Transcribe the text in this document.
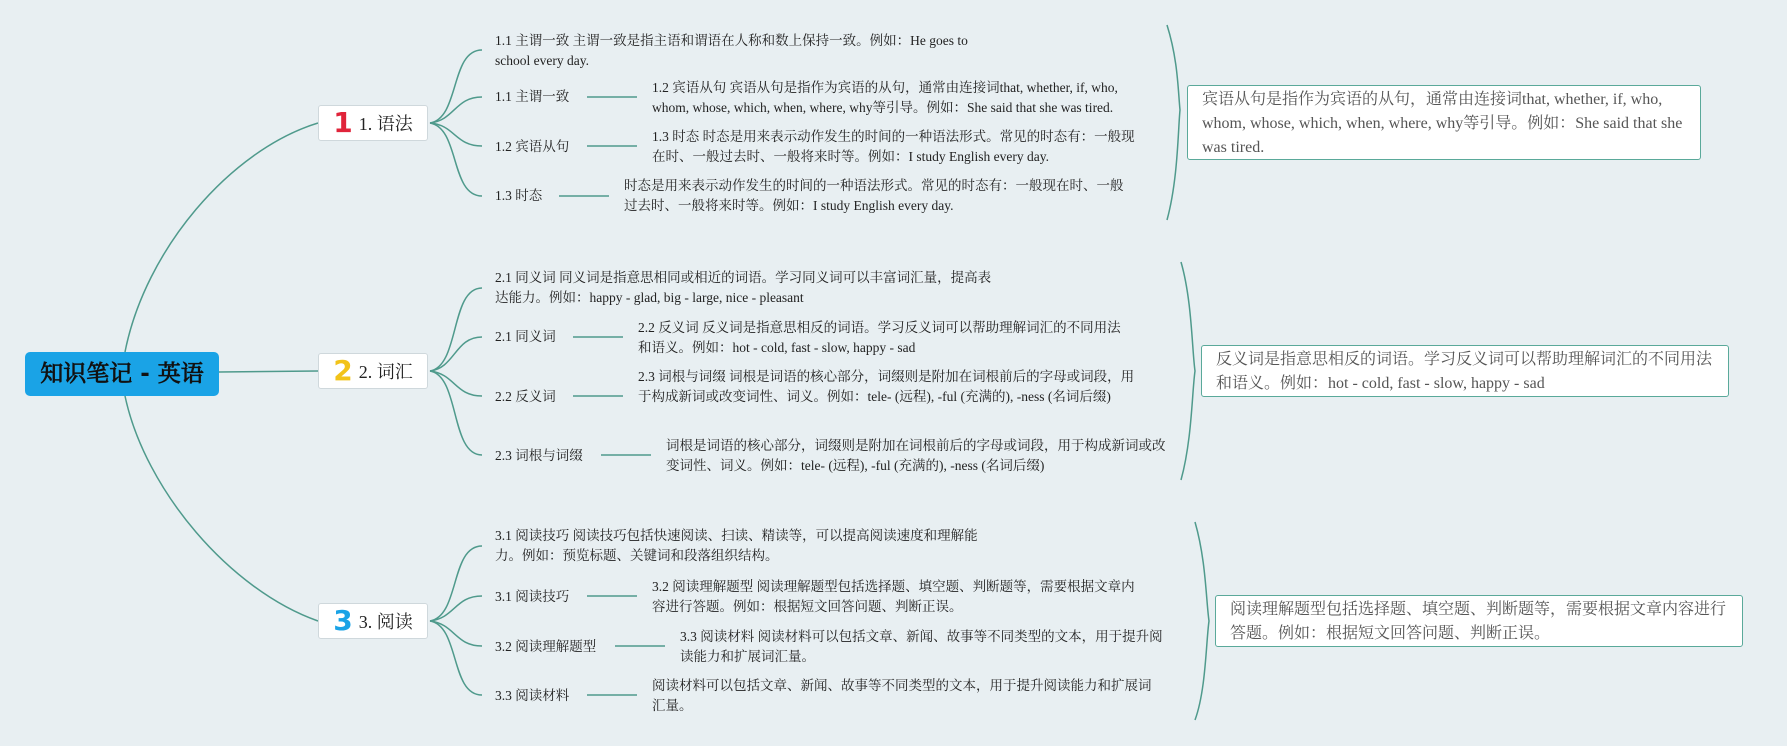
知识笔记 - 英语
1 1. 语法
1.1 主谓一致 主谓一致是指主语和谓语在人称和数上保持一致。例如：He goes to school every day.
1.1 主谓一致
1.2 宾语从句 宾语从句是指作为宾语的从句，通常由连接词that, whether, if, who, whom, whose, which, when, where, why等引导。例如：She said that she was tired.
1.2 宾语从句
1.3 时态 时态是用来表示动作发生的时间的一种语法形式。常见的时态有：一般现在时、一般过去时、一般将来时等。例如：I study English every day.
1.3 时态
时态是用来表示动作发生的时间的一种语法形式。常见的时态有：一般现在时、一般过去时、一般将来时等。例如：I study English every day.
宾语从句是指作为宾语的从句，通常由连接词that, whether, if, who, whom, whose, which, when, where, why等引导。例如：She said that she was tired.
2 2. 词汇
2.1 同义词 同义词是指意思相同或相近的词语。学习同义词可以丰富词汇量，提高表达能力。例如：happy - glad, big - large, nice - pleasant
2.1 同义词
2.2 反义词 反义词是指意思相反的词语。学习反义词可以帮助理解词汇的不同用法和语义。例如：hot - cold, fast - slow, happy - sad
2.2 反义词
2.3 词根与词缀 词根是词语的核心部分，词缀则是附加在词根前后的字母或词段，用于构成新词或改变词性、词义。例如：tele- (远程), -ful (充满的), -ness (名词后缀)
2.3 词根与词缀
词根是词语的核心部分，词缀则是附加在词根前后的字母或词段，用于构成新词或改变词性、词义。例如：tele- (远程), -ful (充满的), -ness (名词后缀)
反义词是指意思相反的词语。学习反义词可以帮助理解词汇的不同用法和语义。例如：hot - cold, fast - slow, happy - sad
3 3. 阅读
3.1 阅读技巧 阅读技巧包括快速阅读、扫读、精读等，可以提高阅读速度和理解能力。例如：预览标题、关键词和段落组织结构。
3.1 阅读技巧
3.2 阅读理解题型 阅读理解题型包括选择题、填空题、判断题等，需要根据文章内容进行答题。例如：根据短文回答问题、判断正误。
3.2 阅读理解题型
3.3 阅读材料 阅读材料可以包括文章、新闻、故事等不同类型的文本，用于提升阅读能力和扩展词汇量。
3.3 阅读材料
阅读材料可以包括文章、新闻、故事等不同类型的文本，用于提升阅读能力和扩展词汇量。
阅读理解题型包括选择题、填空题、判断题等，需要根据文章内容进行答题。例如：根据短文回答问题、判断正误。
